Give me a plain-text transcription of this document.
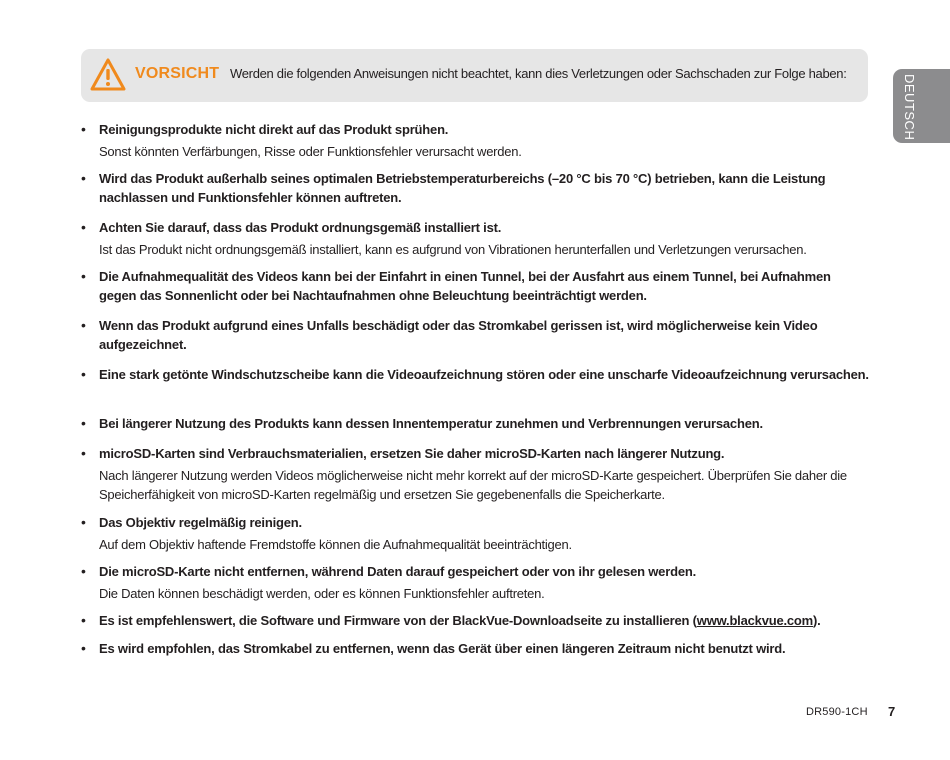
VORSICHT Werden die folgenden Anweisungen nicht beachtet, kann dies Verletzungen oder Sachschaden zur Folge haben:
DEUTSCH
• Reinigungsprodukte nicht direkt auf das Produkt sprühen.
Sonst könnten Verfärbungen, Risse oder Funktionsfehler verursacht werden.
• Wird das Produkt außerhalb seines optimalen Betriebstemperaturbereichs (–20 °C bis 70 °C) betrieben, kann die Leistung nachlassen und Funktionsfehler können auftreten.
• Achten Sie darauf, dass das Produkt ordnungsgemäß installiert ist.
Ist das Produkt nicht ordnungsgemäß installiert, kann es aufgrund von Vibrationen herunterfallen und Verletzungen verursachen.
• Die Aufnahmequalität des Videos kann bei der Einfahrt in einen Tunnel, bei der Ausfahrt aus einem Tunnel, bei Aufnahmen gegen das Sonnenlicht oder bei Nachtaufnahmen ohne Beleuchtung beeinträchtigt werden.
• Wenn das Produkt aufgrund eines Unfalls beschädigt oder das Stromkabel gerissen ist, wird möglicherweise kein Video aufgezeichnet.
• Eine stark getönte Windschutzscheibe kann die Videoaufzeichnung stören oder eine unscharfe Videoaufzeichnung verursachen.
• Bei längerer Nutzung des Produkts kann dessen Innentemperatur zunehmen und Verbrennungen verursachen.
• microSD-Karten sind Verbrauchsmaterialien, ersetzen Sie daher microSD-Karten nach längerer Nutzung.
Nach längerer Nutzung werden Videos möglicherweise nicht mehr korrekt auf der microSD-Karte gespeichert. Überprüfen Sie daher die Speicherfähigkeit von microSD-Karten regelmäßig und ersetzen Sie gegebenenfalls die Speicherkarte.
• Das Objektiv regelmäßig reinigen.
Auf dem Objektiv haftende Fremdstoffe können die Aufnahmequalität beeinträchtigen.
• Die microSD-Karte nicht entfernen, während Daten darauf gespeichert oder von ihr gelesen werden.
Die Daten können beschädigt werden, oder es können Funktionsfehler auftreten.
• Es ist empfehlenswert, die Software und Firmware von der BlackVue-Downloadseite zu installieren (www.blackvue.com).
• Es wird empfohlen, das Stromkabel zu entfernen, wenn das Gerät über einen längeren Zeitraum nicht benutzt wird.
DR590-1CH 7
